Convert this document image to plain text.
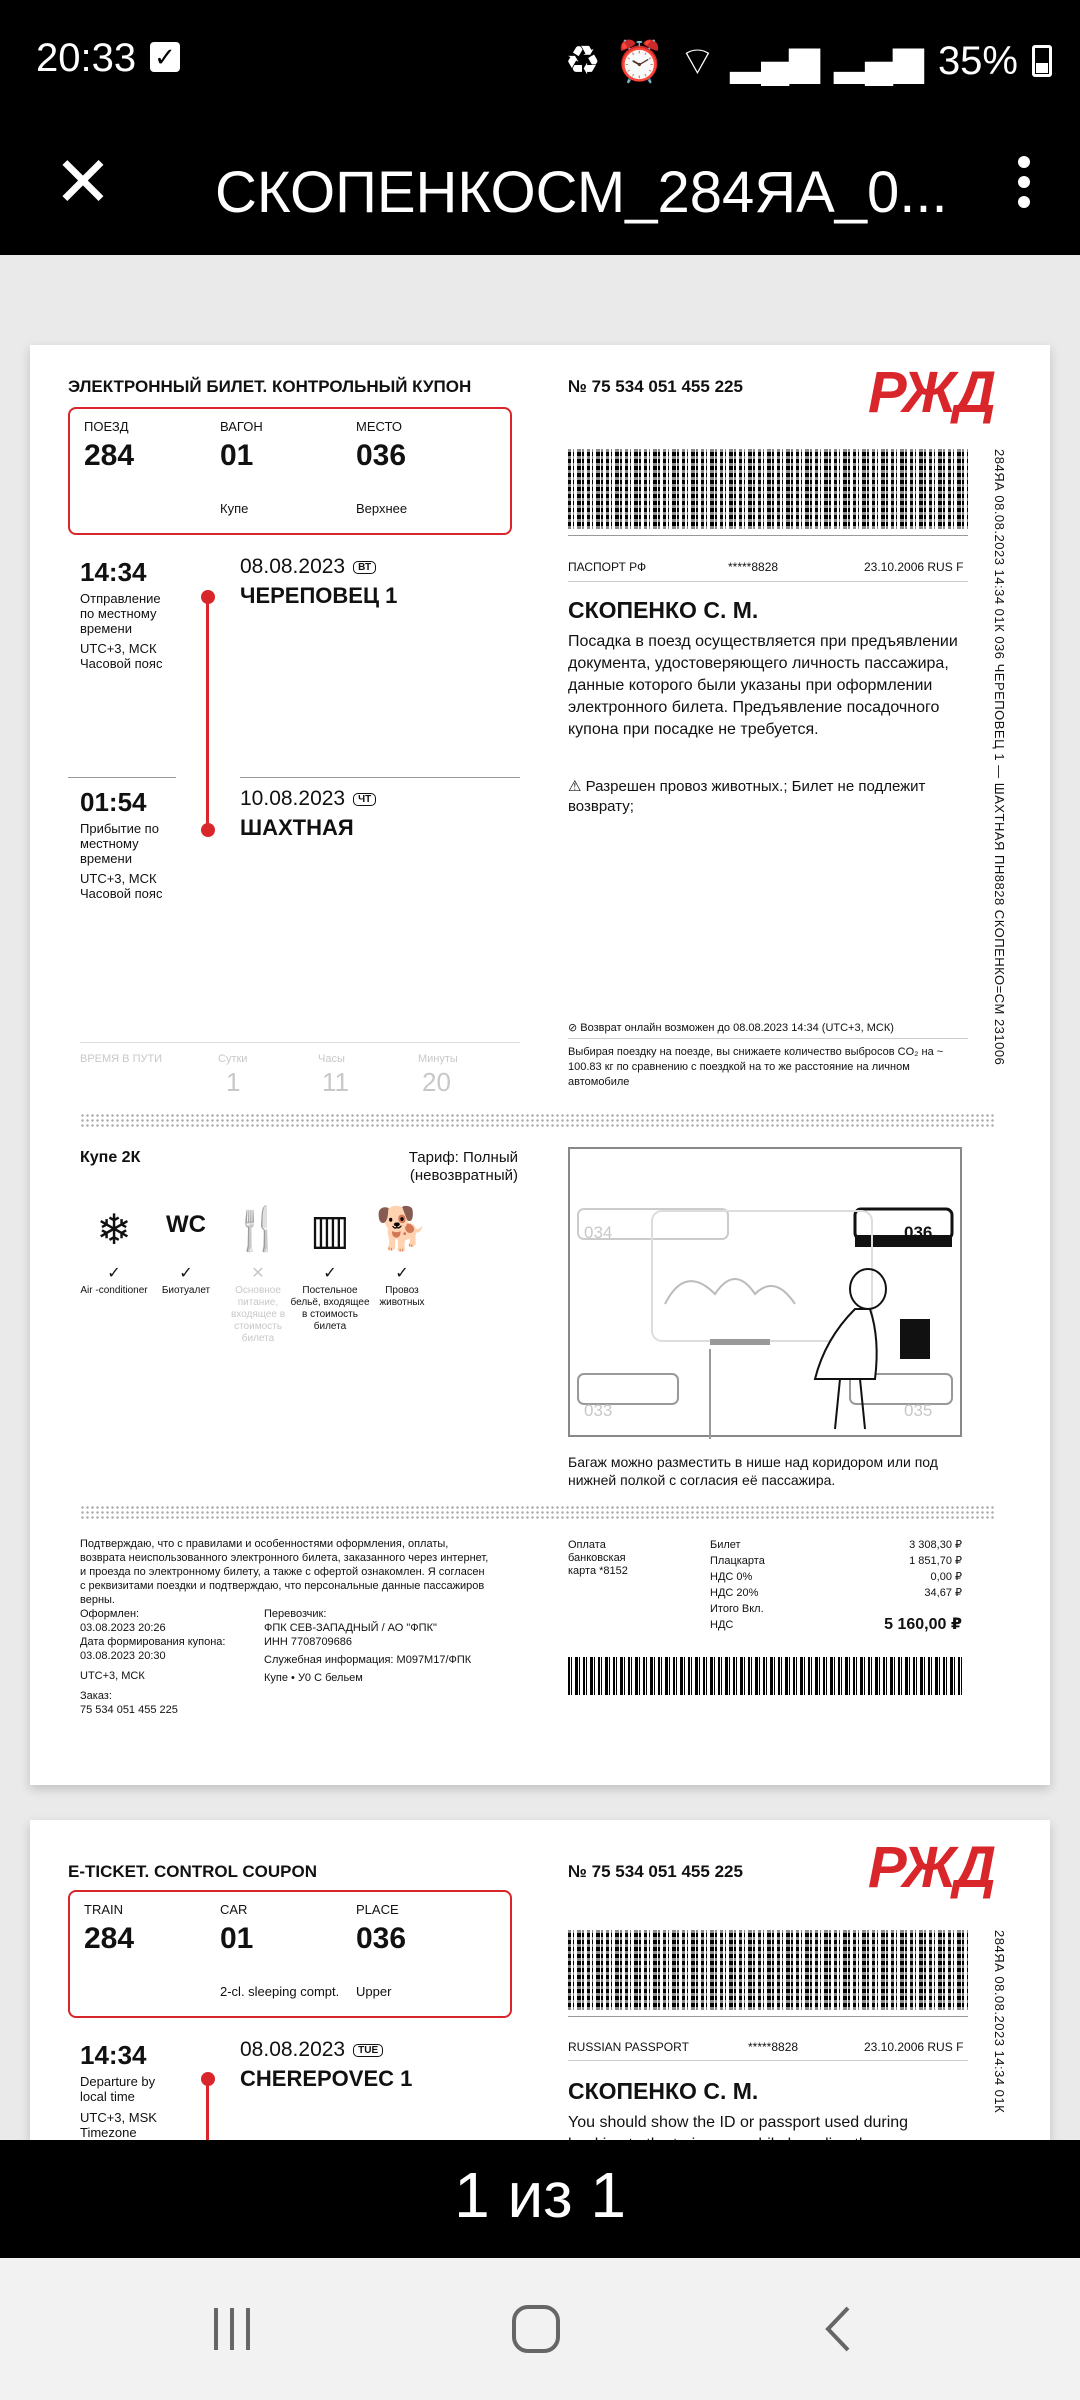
20:33 ✓	♻ ⏰ ⌔ ▂▄▆ ▂▄▆ 35%
✕ СКОПЕНКОСМ_284ЯА_0...
ЭЛЕКТРОННЫЙ БИЛЕТ. КОНТРОЛЬНЫЙ КУПОН	№ 75 534 051 455 225 РЖД
ПОЕЗД
284
ВАГОН
01
Купе
МЕСТО
036
Верхнее
14:34
Отправление по местному времени
UTC+3, МСК Часовой пояс
08.08.2023 ВТ
ЧЕРЕПОВЕЦ 1
01:54
Прибытие по местному времени
UTC+3, МСК Часовой пояс
10.08.2023 ЧТ
ШАХТНАЯ
ВРЕМЯ В ПУТИ	Сутки
1
Часы
11
Минуты
20
ПАСПОРТ РФ	*****8828	23.10.2006 RUS F
СКОПЕНКО С. М.
Посадка в поезд осуществляется при предъявлении документа, удостоверяющего личность пассажира, данные которого были указаны при оформлении электронного билета. Предъявление посадочного купона при посадке не требуется.
⚠ Разрешен провоз животных.; Билет не подлежит возврату;
⊘ Возврат онлайн возможен до 08.08.2023 14:34 (UTC+3, МСК)
Выбирая поездку на поезде, вы снижаете количество выбросов CO₂ на ~ 100.83 кг по сравнению с поездкой на то же расстояние на личном автомобиле
284ЯА 08.08.2023 14:34 01К 036 ЧЕРЕПОВЕЦ 1 — ШАХТНАЯ ПН8828 СКОПЕНКО=СМ 231006
Купе 2К	Тариф: Полный (невозвратный)
❄
✓
Air -conditioner
WC
✓
Биотуалет
🍴
✕
Основное питание, входящее в стоимость билета
▥
✓
Постельное бельё, входящее в стоимость билета
🐕
✓
Провоз животных
034	036
033	035
Багаж можно разместить в нише над коридором или под нижней полкой с согласия её пассажира.
Подтверждаю, что с правилами и особенностями оформления, оплаты, возврата неиспользованного электронного билета, заказанного через интернет, и проезда по электронному билету, а также с офертой ознакомлен. Я согласен с реквизитами поездки и подтверждаю, что персональные данные пассажиров верны.
Оформлен:
03.08.2023 20:26
Дата формирования купона:
03.08.2023 20:30
UTC+3, МСК
Заказ:
75 534 051 455 225
Перевозчик:
ФПК СЕВ-ЗАПАДНЫЙ / АО "ФПК"
ИНН 7708709686
Служебная информация: М097М17/ФПК
Купе • У0 С бельем
Оплата банковская карта *8152
Билет	3 308,30 ₽
Плацкарта	1 851,70 ₽
НДС 0%	0,00 ₽
НДС 20%	34,67 ₽
Итого Вкл. НДС	5 160,00 ₽
E-TICKET. CONTROL COUPON	№ 75 534 051 455 225 РЖД
TRAIN
284
CAR
01
2-cl. sleeping compt.
PLACE
036
Upper
14:34
Departure by local time
UTC+3, MSK Timezone
08.08.2023 TUE
CHEREPOVEC 1
RUSSIAN PASSPORT	*****8828	23.10.2006 RUS F
СКОПЕНКО С. М.
You should show the ID or passport used during
284ЯА 08.08.2023 14:34 01К
1 из 1
